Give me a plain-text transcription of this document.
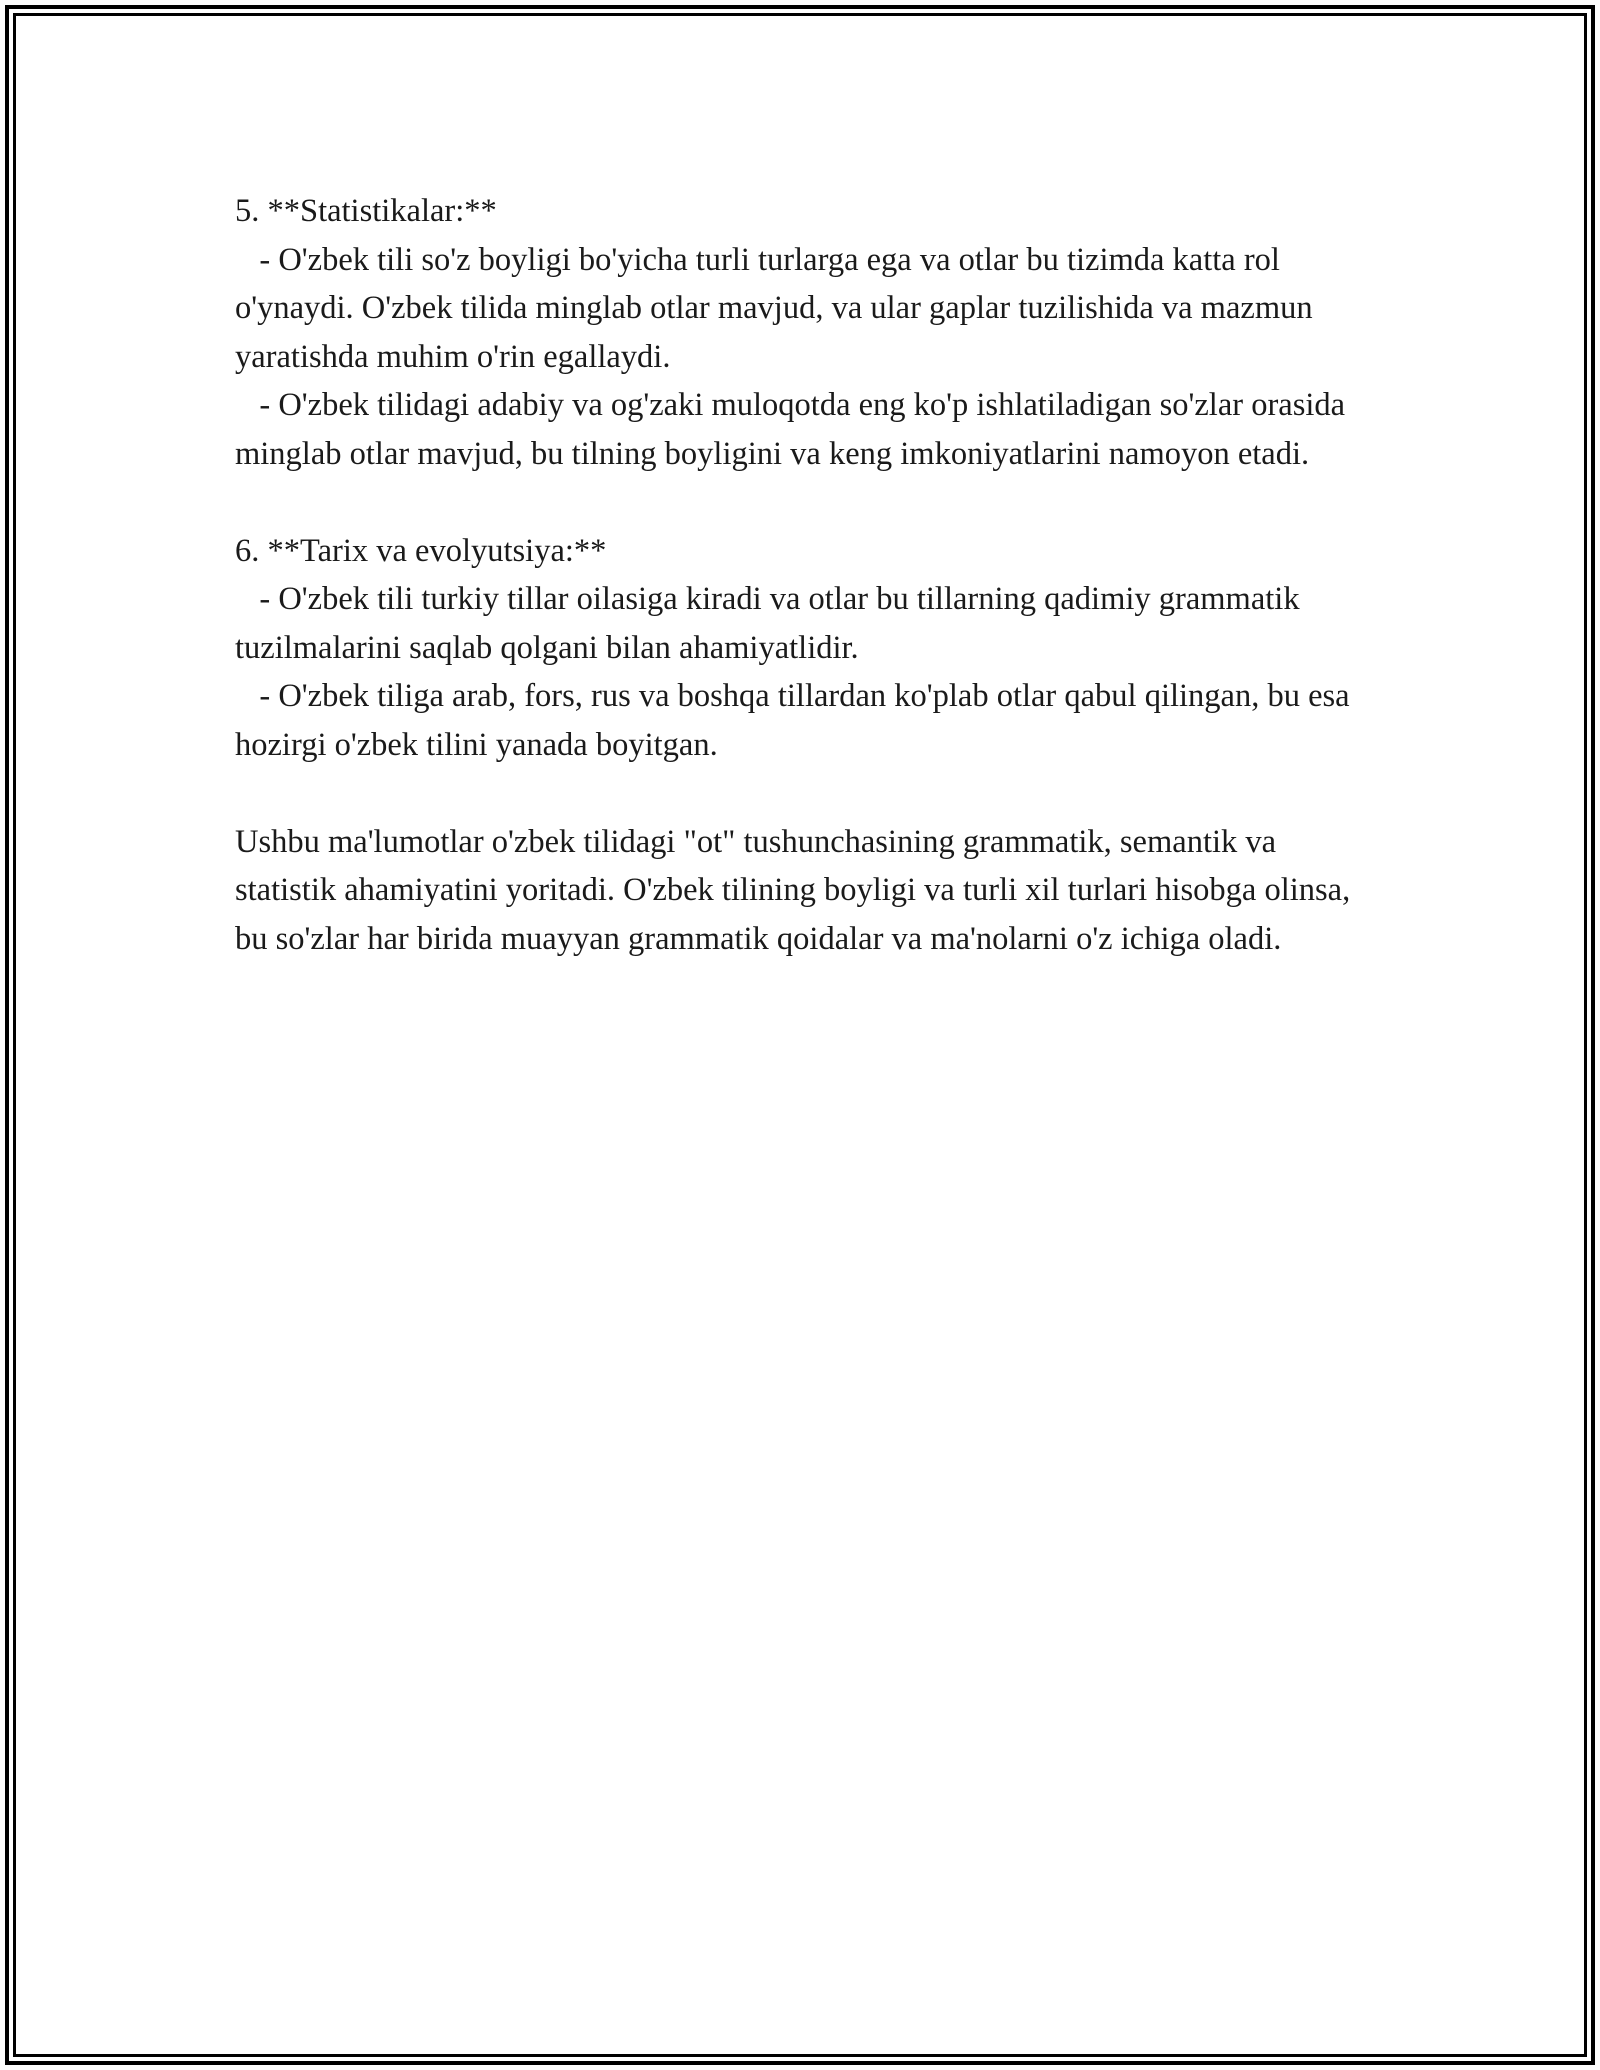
5. **Statistikalar:**

- O'zbek tili so'z boyligi bo'yicha turli turlarga ega va otlar bu tizimda katta rol o'ynaydi. O'zbek tilida minglab otlar mavjud, va ular gaplar tuzilishida va mazmun yaratishda muhim o'rin egallaydi.

- O'zbek tilidagi adabiy va og'zaki muloqotda eng ko'p ishlatiladigan so'zlar orasida minglab otlar mavjud, bu tilning boyligini va keng imkoniyatlarini namoyon etadi.

6. **Tarix va evolyutsiya:**

- O'zbek tili turkiy tillar oilasiga kiradi va otlar bu tillarning qadimiy grammatik tuzilmalarini saqlab qolgani bilan ahamiyatlidir.

- O'zbek tiliga arab, fors, rus va boshqa tillardan ko'plab otlar qabul qilingan, bu esa hozirgi o'zbek tilini yanada boyitgan.

Ushbu ma'lumotlar o'zbek tilidagi "ot" tushunchasining grammatik, semantik va statistik ahamiyatini yoritadi. O'zbek tilining boyligi va turli xil turlari hisobga olinsa, bu so'zlar har birida muayyan grammatik qoidalar va ma'nolarni o'z ichiga oladi.
